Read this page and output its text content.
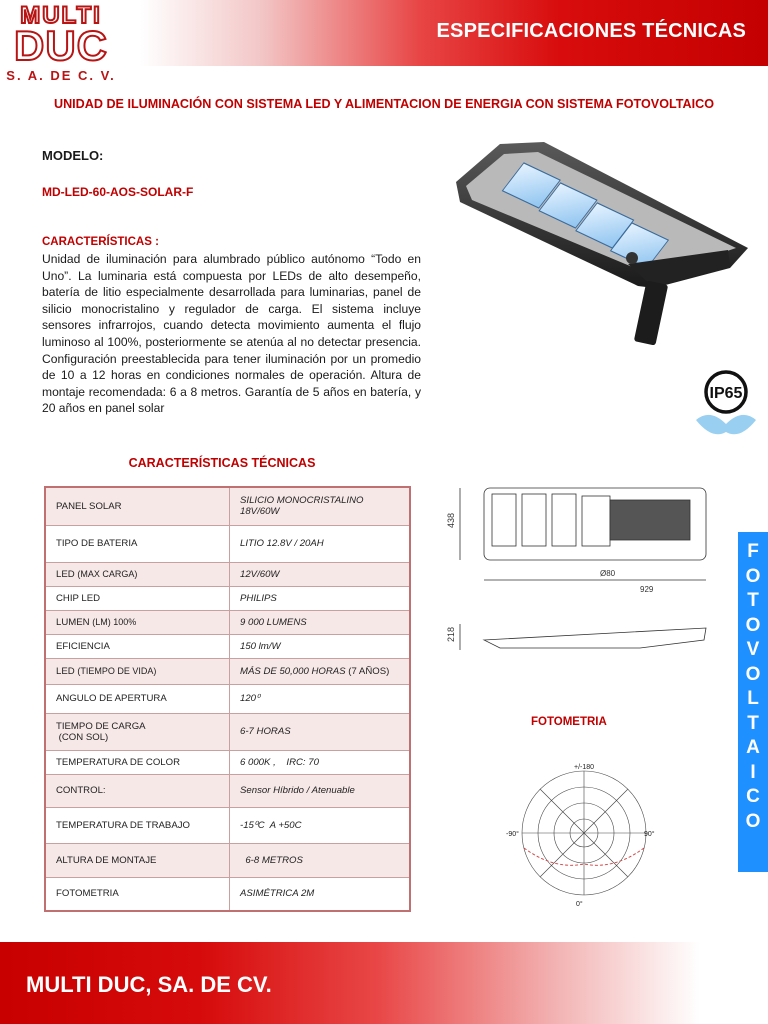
ESPECIFICACIONES TÉCNICAS
MULTI
DUC
S. A. DE C. V.
UNIDAD DE ILUMINACIÓN CON SISTEMA LED Y ALIMENTACION DE ENERGIA CON SISTEMA FOTOVOLTAICO
MODELO:
MD-LED-60-AOS-SOLAR-F
CARACTERÍSTICAS :
Unidad de iluminación para alumbrado público autónomo “Todo en Uno”. La luminaria está compuesta por LEDs de alto desempeño, batería de litio especialmente desarrollada para luminarias, panel de silicio monocristalino y regulador de carga. El sistema incluye sensores infrarrojos, cuando detecta movimiento aumenta el flujo luminoso al 100%, posteriormente se atenúa al no detectar presencia. Configuración preestablecida para tener iluminación por un promedio de 10 a 12 horas en condiciones normales de operación. Altura de montaje recomendada: 6 a 8 metros. Garantía de 5 años en batería, y 20 años en panel solar
IP65
CARACTERÍSTICAS TÉCNICAS
PANEL SOLAR	SILICIO MONOCRISTALINO 18V/60W
TIPO DE BATERIA	LITIO 12.8V / 20AH
LED (MAX CARGA)	12V/60W
CHIP LED	PHILIPS
LUMEN (LM) 100%	9 000 LUMENS
EFICIENCIA	150 lm/W
LED (TIEMPO DE VIDA)	MÁS DE 50,000 HORAS (7 AÑOS)
ANGULO DE APERTURA	120⁰
TIEMPO DE CARGA
(CON SOL)	6-7 HORAS
TEMPERATURA DE COLOR	6 000K ,    IRC: 70
CONTROL:	Sensor Híbrido / Atenuable
TEMPERATURA DE TRABAJO	-15⁰C  A +50C
ALTURA DE MONTAJE	6-8 METROS
FOTOMETRIA	ASIMÉTRICA 2M
438
Ø80
929
218
FOTOMETRIA
+/-180
-90°	90°
0°
F
O
T
O
V
O
L
T
A
I
C
O
MULTI DUC, SA. DE CV.
